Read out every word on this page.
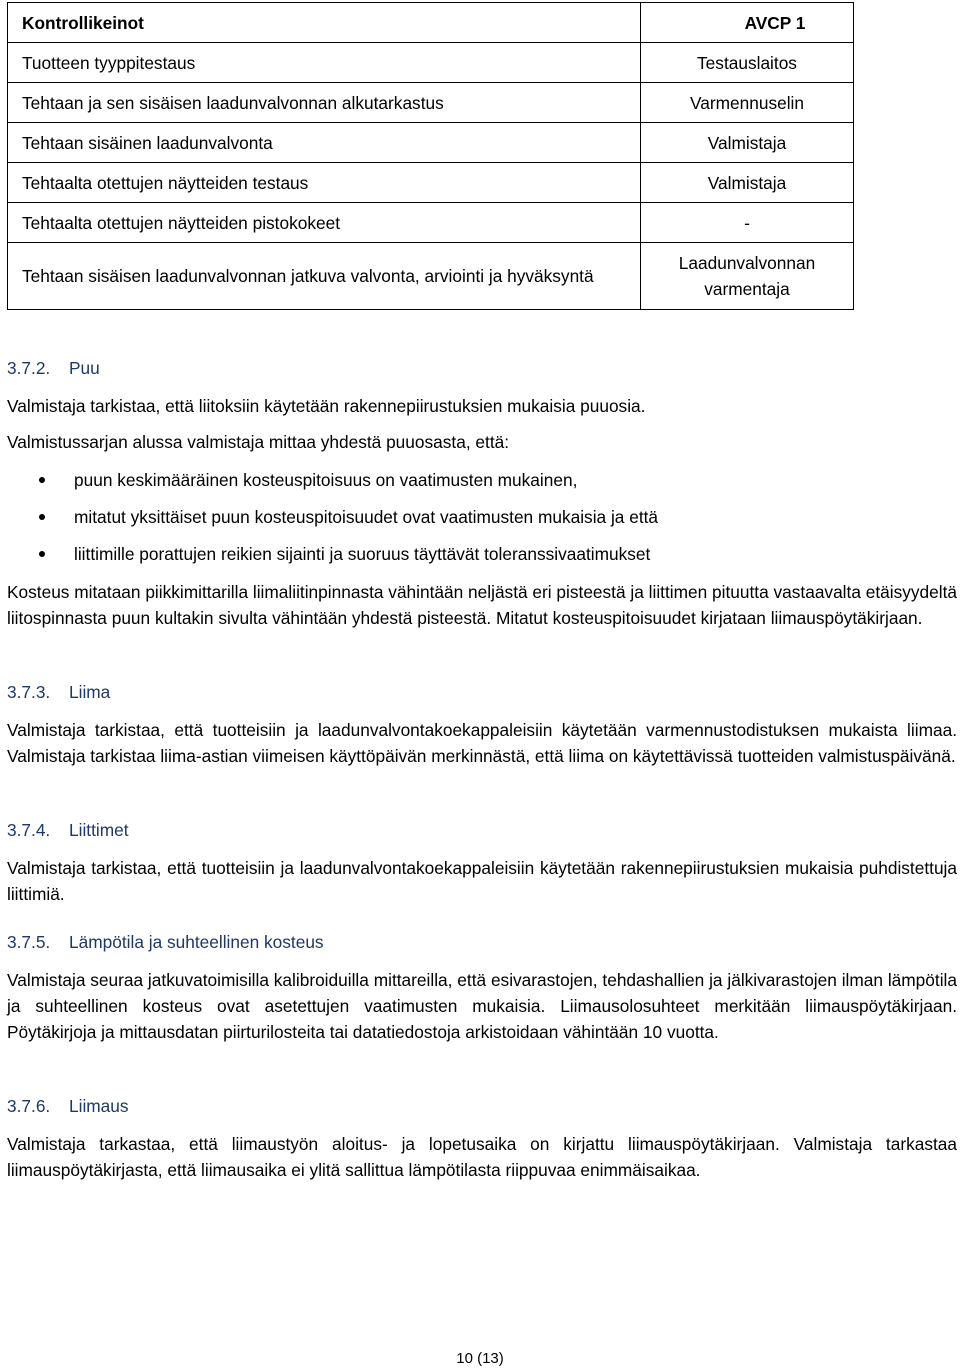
Kontrollikeinot	AVCP 1
Tuotteen tyyppitestaus	Testauslaitos
Tehtaan ja sen sisäisen laadunvalvonnan alkutarkastus	Varmennuselin
Tehtaan sisäinen laadunvalvonta	Valmistaja
Tehtaalta otettujen näytteiden testaus	Valmistaja
Tehtaalta otettujen näytteiden pistokokeet	-
Tehtaan sisäisen laadunvalvonnan jatkuva valvonta, arviointi ja hyväksyntä	Laadunvalvonnan varmentaja
3.7.2. Puu
Valmistaja tarkistaa, että liitoksiin käytetään rakennepiirustuksien mukaisia puuosia.
Valmistussarjan alussa valmistaja mittaa yhdestä puuosasta, että:
puun keskimääräinen kosteuspitoisuus on vaatimusten mukainen,
mitatut yksittäiset puun kosteuspitoisuudet ovat vaatimusten mukaisia ja että
liittimille porattujen reikien sijainti ja suoruus täyttävät toleranssivaatimukset
Kosteus mitataan piikkimittarilla liimaliitinpinnasta vähintään neljästä eri pisteestä ja liittimen pituutta vastaavalta etäisyydeltä liitospinnasta puun kultakin sivulta vähintään yhdestä pisteestä. Mitatut kosteuspitoisuudet kirjataan liimauspöytäkirjaan.
3.7.3. Liima
Valmistaja tarkistaa, että tuotteisiin ja laadunvalvontakoekappaleisiin käytetään varmennustodistuksen mukaista liimaa. Valmistaja tarkistaa liima-astian viimeisen käyttöpäivän merkinnästä, että liima on käytettävissä tuotteiden valmistuspäivänä.
3.7.4. Liittimet
Valmistaja tarkistaa, että tuotteisiin ja laadunvalvontakoekappaleisiin käytetään rakennepiirustuksien mukaisia puhdistettuja liittimiä.
3.7.5. Lämpötila ja suhteellinen kosteus
Valmistaja seuraa jatkuvatoimisilla kalibroiduilla mittareilla, että esivarastojen, tehdashallien ja jälkivarastojen ilman lämpötila ja suhteellinen kosteus ovat asetettujen vaatimusten mukaisia. Liimausolosuhteet merkitään liimauspöytäkirjaan. Pöytäkirjoja ja mittausdatan piirturilosteita tai datatiedostoja arkistoidaan vähintään 10 vuotta.
3.7.6. Liimaus
Valmistaja tarkastaa, että liimaustyön aloitus- ja lopetusaika on kirjattu liimauspöytäkirjaan. Valmistaja tarkastaa liimauspöytäkirjasta, että liimausaika ei ylitä sallittua lämpötilasta riippuvaa enimmäisaikaa.
10 (13)
